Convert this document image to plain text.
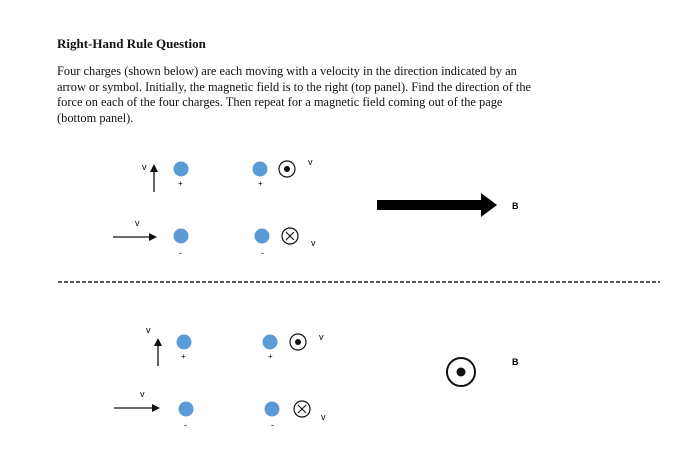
Right-Hand Rule Question
Four charges (shown below) are each moving with a velocity in the direction indicated by an
arrow or symbol. Initially, the magnetic field is to the right (top panel). Find the direction of the
force on each of the four charges. Then repeat for a magnetic field coming out of the page
(bottom panel).
v
+	+
v
v
-	-
v
B
v
+	+
v
v
-	-
v
B
